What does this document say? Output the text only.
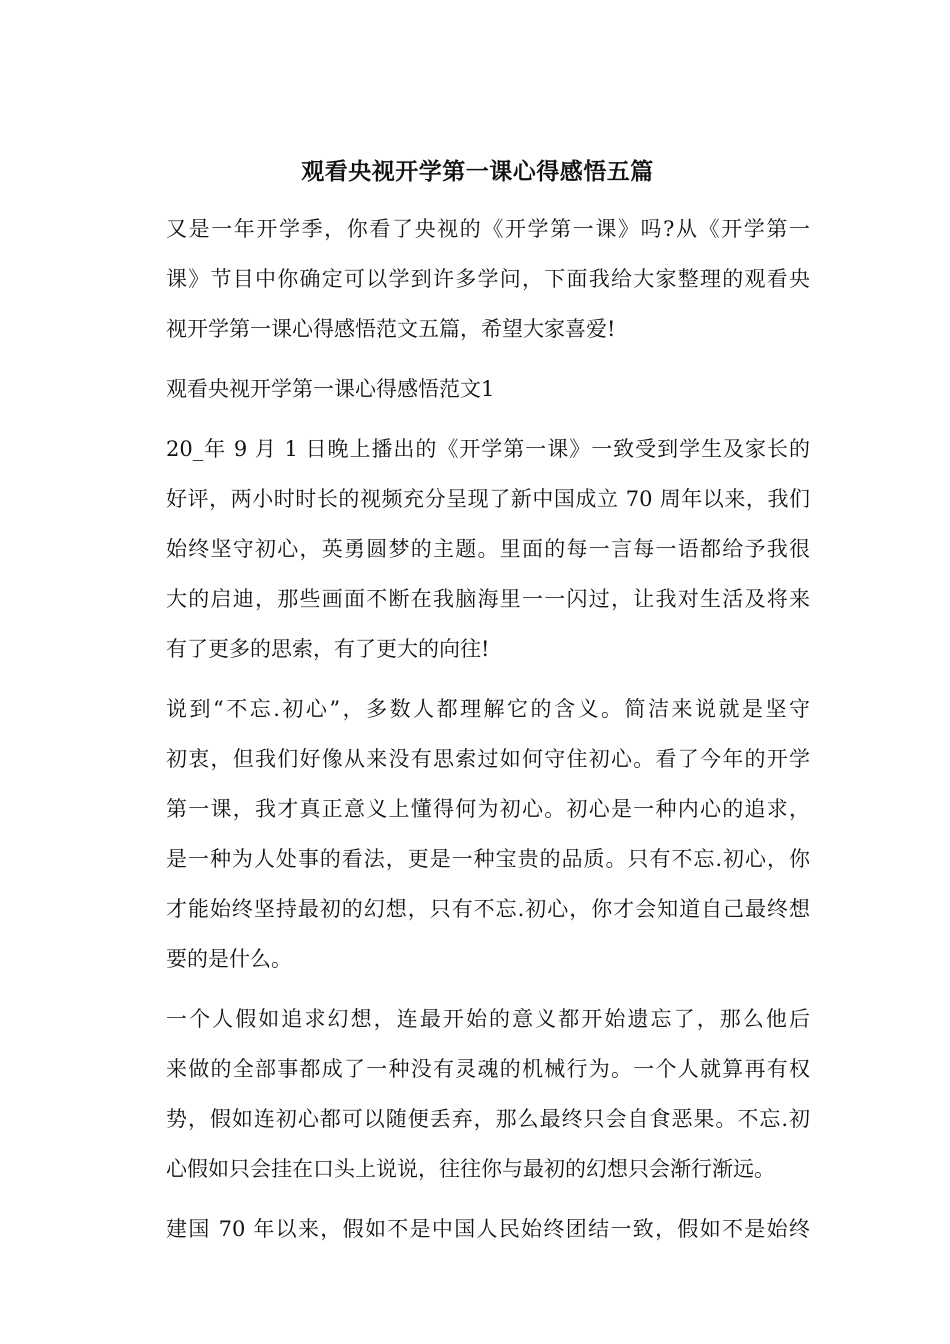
观看央视开学第一课心得感悟五篇
又是一年开学季，你看了央视的《开学第一课》吗?从《开学第一
课》节目中你确定可以学到许多学问，下面我给大家整理的观看央
视开学第一课心得感悟范文五篇，希望大家喜爱!
观看央视开学第一课心得感悟范文1
20_年 9 月 1 日晚上播出的《开学第一课》一致受到学生及家长的
好评，两小时时长的视频充分呈现了新中国成立 70 周年以来，我们
始终坚守初心，英勇圆梦的主题。里面的每一言每一语都给予我很
大的启迪，那些画面不断在我脑海里一一闪过，让我对生活及将来
有了更多的思索，有了更大的向往!
说到“不忘.初心”，多数人都理解它的含义。简洁来说就是坚守
初衷，但我们好像从来没有思索过如何守住初心。看了今年的开学
第一课，我才真正意义上懂得何为初心。初心是一种内心的追求，
是一种为人处事的看法，更是一种宝贵的品质。只有不忘.初心，你
才能始终坚持最初的幻想，只有不忘.初心，你才会知道自己最终想
要的是什么。
一个人假如追求幻想，连最开始的意义都开始遗忘了，那么他后
来做的全部事都成了一种没有灵魂的机械行为。一个人就算再有权
势，假如连初心都可以随便丢弃，那么最终只会自食恶果。不忘.初
心假如只会挂在口头上说说，往往你与最初的幻想只会渐行渐远。
建国 70 年以来，假如不是中国人民始终团结一致，假如不是始终
